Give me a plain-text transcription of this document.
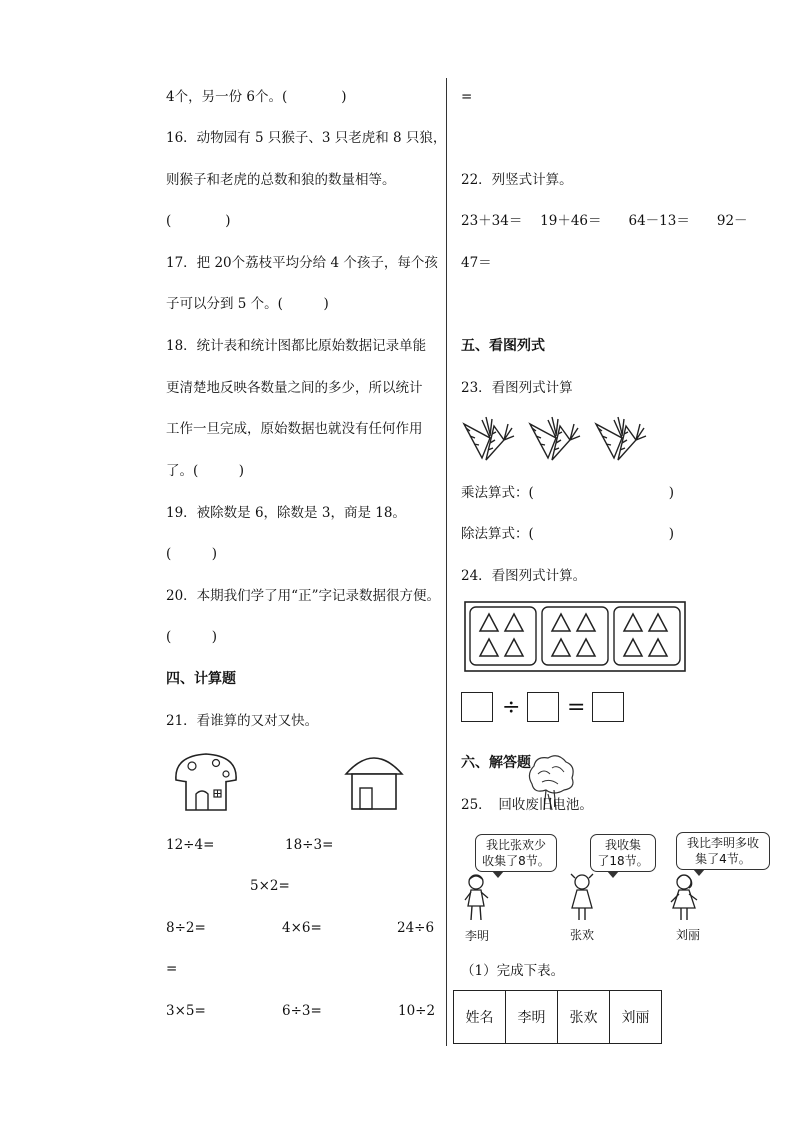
4个，另一份 6个。(　　　　)
16．动物园有 5 只猴子、3 只老虎和 8 只狼，
则猴子和老虎的总数和狼的数量相等。
(　　　　)
17．把 20个荔枝平均分给 4 个孩子，每个孩
子可以分到 5 个。(　　　)
18．统计表和统计图都比原始数据记录单能
更清楚地反映各数量之间的多少，所以统计
工作一旦完成，原始数据也就没有任何作用
了。(　　　)
19．被除数是 6，除数是 3，商是 18。
(　　　)
20．本期我们学了用“正”字记录数据很方便。
(　　　)
四、计算题
21．看谁算的又对又快。
12÷4=	18÷3=
5×2=
8÷2=	4×6=	24÷6
=
3×5=	6÷3=	10÷2
=
22．列竖式计算。
23＋34＝　 19＋46＝　　64－13＝　　92－
47＝
五、看图列式
23．看图列式计算
乘法算式：(　　　　　　　　　　)
除法算式：(　　　　　　　　　　)
24．看图列式计算。
÷ =
六、解答题
25．　回收废旧电池。
我比张欢少
收集了8节。
我收集
了18节。
我比李明多收
集了4节。
李明	张欢	刘丽
（1）完成下表。
姓名	李明	张欢	刘丽
